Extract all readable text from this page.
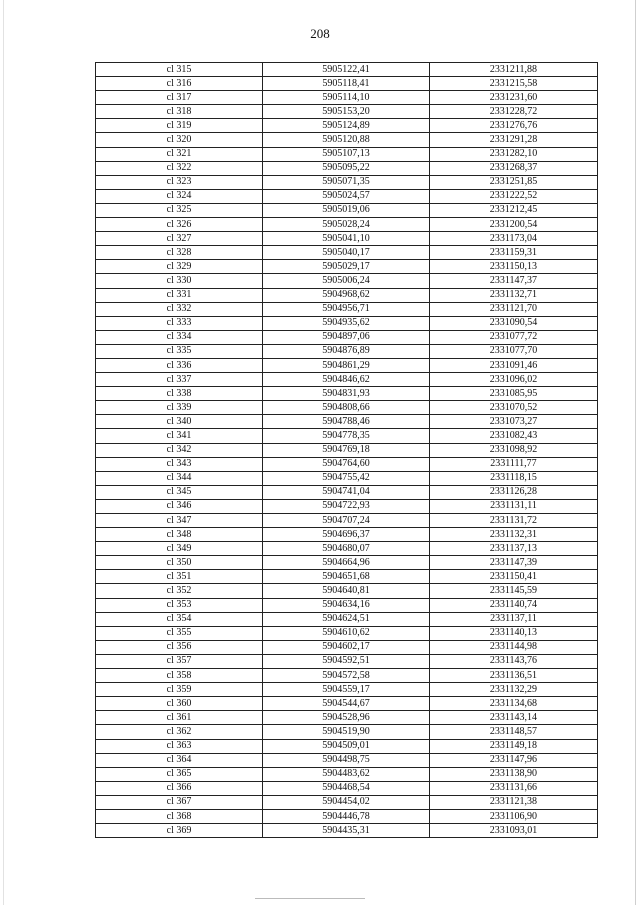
208
cl 315	5905122,41	2331211,88
cl 316	5905118,41	2331215,58
cl 317	5905114,10	2331231,60
cl 318	5905153,20	2331228,72
cl 319	5905124,89	2331276,76
cl 320	5905120,88	2331291,28
cl 321	5905107,13	2331282,10
cl 322	5905095,22	2331268,37
cl 323	5905071,35	2331251,85
cl 324	5905024,57	2331222,52
cl 325	5905019,06	2331212,45
cl 326	5905028,24	2331200,54
cl 327	5905041,10	2331173,04
cl 328	5905040,17	2331159,31
cl 329	5905029,17	2331150,13
cl 330	5905006,24	2331147,37
cl 331	5904968,62	2331132,71
cl 332	5904956,71	2331121,70
cl 333	5904935,62	2331090,54
cl 334	5904897,06	2331077,72
cl 335	5904876,89	2331077,70
cl 336	5904861,29	2331091,46
cl 337	5904846,62	2331096,02
cl 338	5904831,93	2331085,95
cl 339	5904808,66	2331070,52
cl 340	5904788,46	2331073,27
cl 341	5904778,35	2331082,43
cl 342	5904769,18	2331098,92
cl 343	5904764,60	2331111,77
cl 344	5904755,42	2331118,15
cl 345	5904741,04	2331126,28
cl 346	5904722,93	2331131,11
cl 347	5904707,24	2331131,72
cl 348	5904696,37	2331132,31
cl 349	5904680,07	2331137,13
cl 350	5904664,96	2331147,39
cl 351	5904651,68	2331150,41
cl 352	5904640,81	2331145,59
cl 353	5904634,16	2331140,74
cl 354	5904624,51	2331137,11
cl 355	5904610,62	2331140,13
cl 356	5904602,17	2331144,98
cl 357	5904592,51	2331143,76
cl 358	5904572,58	2331136,51
cl 359	5904559,17	2331132,29
cl 360	5904544,67	2331134,68
cl 361	5904528,96	2331143,14
cl 362	5904519,90	2331148,57
cl 363	5904509,01	2331149,18
cl 364	5904498,75	2331147,96
cl 365	5904483,62	2331138,90
cl 366	5904468,54	2331131,66
cl 367	5904454,02	2331121,38
cl 368	5904446,78	2331106,90
cl 369	5904435,31	2331093,01
